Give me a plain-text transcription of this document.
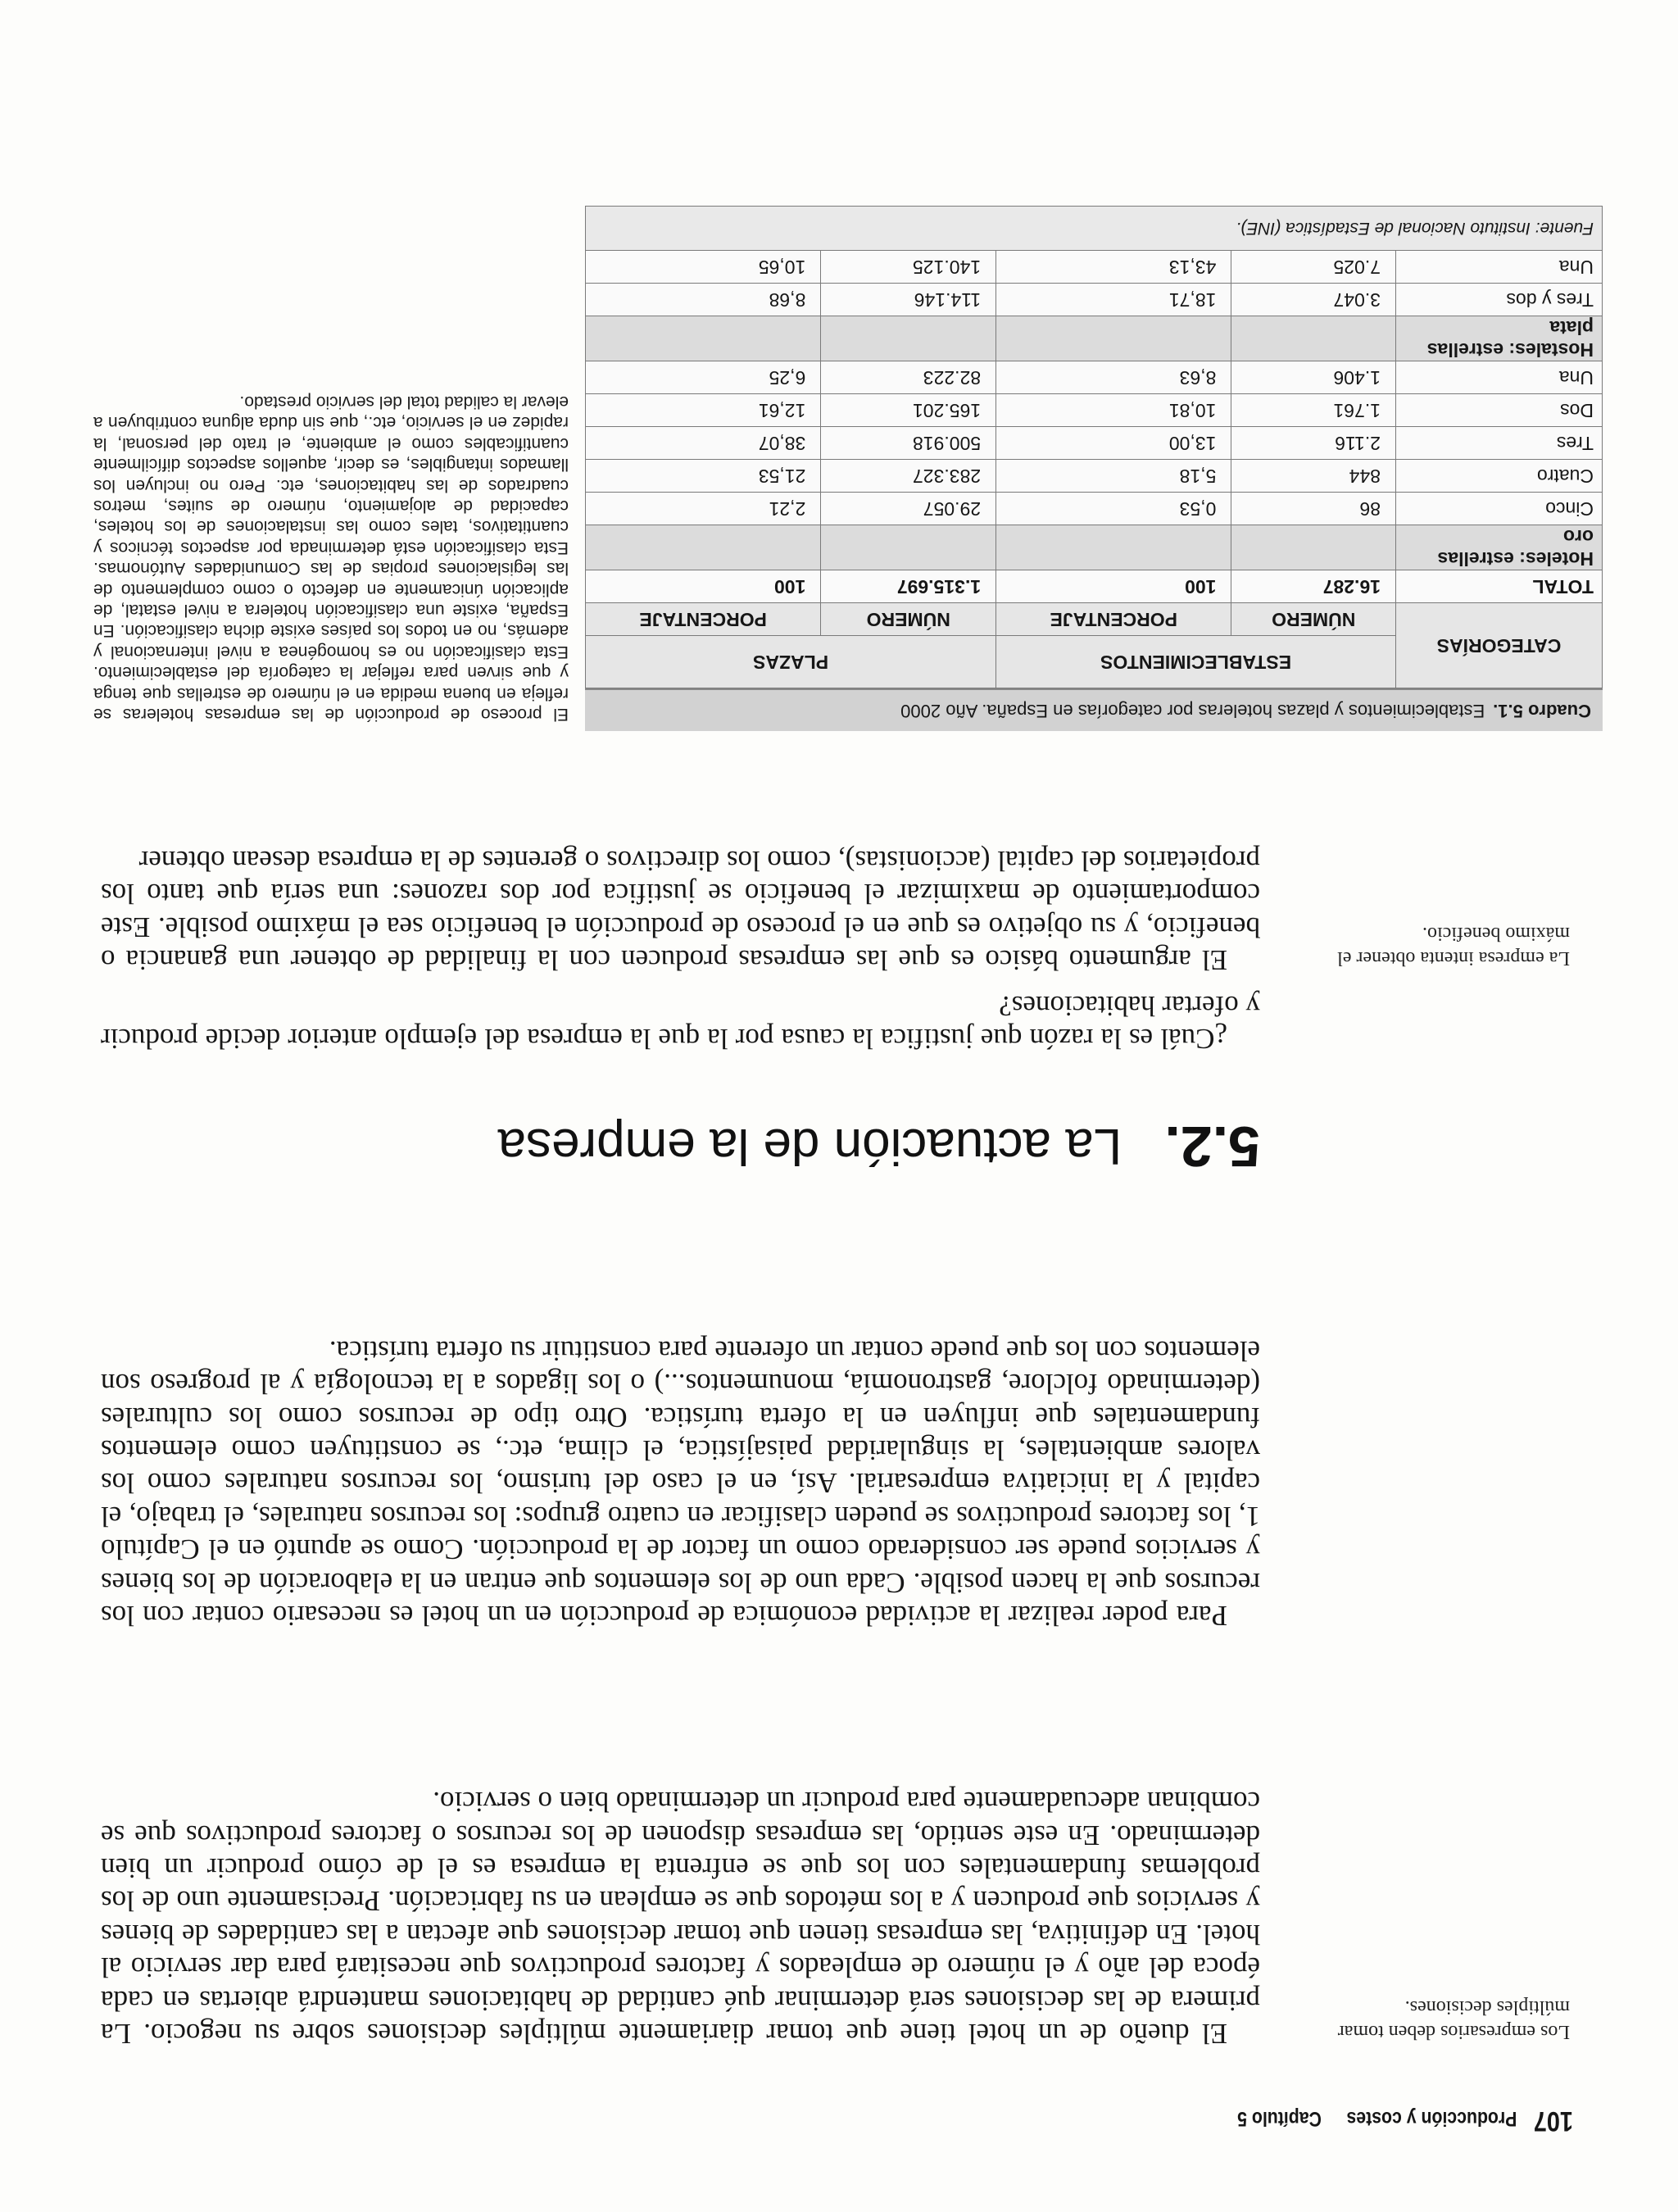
107
Producción y costes
Capítulo 5
Los empresarios deben tomar múltiples decisiones.

El dueño de un hotel tiene que tomar diariamente múltiples decisiones sobre su negocio. La primera de las decisiones será determinar qué cantidad de habitaciones mantendrá abiertas en cada época del año y el número de empleados y factores productivos que necesitará para dar servicio al hotel. En definitiva, las empresas tienen que tomar decisiones que afectan a las cantidades de bienes y servicios que producen y a los métodos que se emplean en su fabricación. Precisamente uno de los problemas fundamentales con los que se enfrenta la empresa es el de cómo producir un bien determinado. En este sentido, las empresas disponen de los recursos o factores productivos que se combinan adecuadamente para producir un determinado bien o servicio.

Para poder realizar la actividad económica de producción en un hotel es necesario contar con los recursos que la hacen posible. Cada uno de los elementos que entran en la elaboración de los bienes y servicios puede ser considerado como un factor de la producción. Como se apuntó en el Capítulo 1, los factores productivos se pueden clasificar en cuatro grupos: los recursos naturales, el trabajo, el capital y la iniciativa empresarial. Así, en el caso del turismo, los recursos naturales como los valores ambientales, la singularidad paisajística, el clima, etc., se constituyen como elementos fundamentales que influyen en la oferta turística. Otro tipo de recursos como los culturales (determinado folclore, gastronomía, monumentos...) o los ligados a la tecnología y al progreso son elementos con los que puede contar un oferente para constituir su oferta turística.

5.2.
La actuación de la empresa

¿Cuál es la razón que justifica la causa por la que la empresa del ejemplo anterior decide producir y ofertar habitaciones?

La empresa intenta obtener el máximo beneficio.

El argumento básico es que las empresas producen con la finalidad de obtener una ganancia o beneficio, y su objetivo es que en el proceso de producción el beneficio sea el máximo posible. Este comportamiento de maximizar el beneficio se justifica por dos razones: una sería que tanto los propietarios del capital (accionistas), como los directivos o gerentes de la empresa desean obtener

Cuadro 5.1.
Establecimientos y plazas hoteleras por categorías en España. Año 2000
CATEGORÍAS	ESTABLECIMIENTOS		PLAZAS	
	NÚMERO	PORCENTAJE	NÚMERO	PORCENTAJE
TOTAL	16.287	100	1.315.697	100
Hoteles: estrellas oro				
Cinco	86	0,53	29.057	2,21
Cuatro	844	5,18	283.327	21,53
Tres	2.116	13,00	500.918	38,07
Dos	1.761	10,81	165.201	12,61
Una	1.406	8,63	82.223	6,25
Hostales: estrellas plata				
Tres y dos	3.047	18,71	114.146	8,68
Una	7.025	43,13	140.125	10,65
Fuente: Instituto Nacional de Estadística (INE).				

El proceso de producción de las empresas hoteleras se refleja en buena medida en el número de estrellas que tenga y que sirven para reflejar la categoría del establecimiento. Esta clasificación no es homogénea a nivel internacional y además, no en todos los países existe dicha clasificación. En España, existe una clasificación hotelera a nivel estatal, de aplicación únicamente en defecto o como complemento de las legislaciones propias de las Comunidades Autónomas. Esta clasificación está determinada por aspectos técnicos y cuantitativos, tales como las instalaciones de los hoteles, capacidad de alojamiento, número de suites, metros cuadrados de las habitaciones, etc. Pero no incluyen los llamados intangibles, es decir, aquellos aspectos difícilmente cuantificables como el ambiente, el trato del personal, la rapidez en el servicio, etc., que sin duda alguna contribuyen a elevar la calidad total del servicio prestado.
